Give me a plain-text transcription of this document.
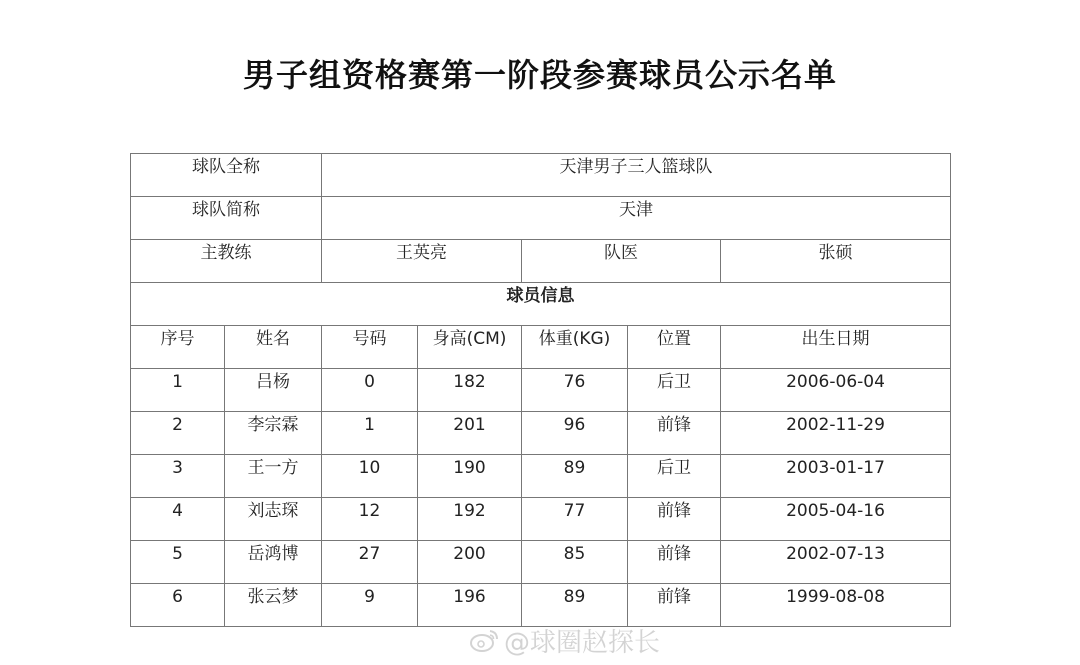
男子组资格赛第一阶段参赛球员公示名单
球队全称		天津男子三人篮球队				
球队简称		天津				
主教练		王英亮		队医		张硕
球员信息						
序号	姓名	号码	身高(CM)	体重(KG)	位置	出生日期
1	吕杨	0	182	76	后卫	2006-06-04
2	李宗霖	1	201	96	前锋	2002-11-29
3	王一方	10	190	89	后卫	2003-01-17
4	刘志琛	12	192	77	前锋	2005-04-16
5	岳鸿博	27	200	85	前锋	2002-07-13
6	张云梦	9	196	89	前锋	1999-08-08
@球圈赵探长
